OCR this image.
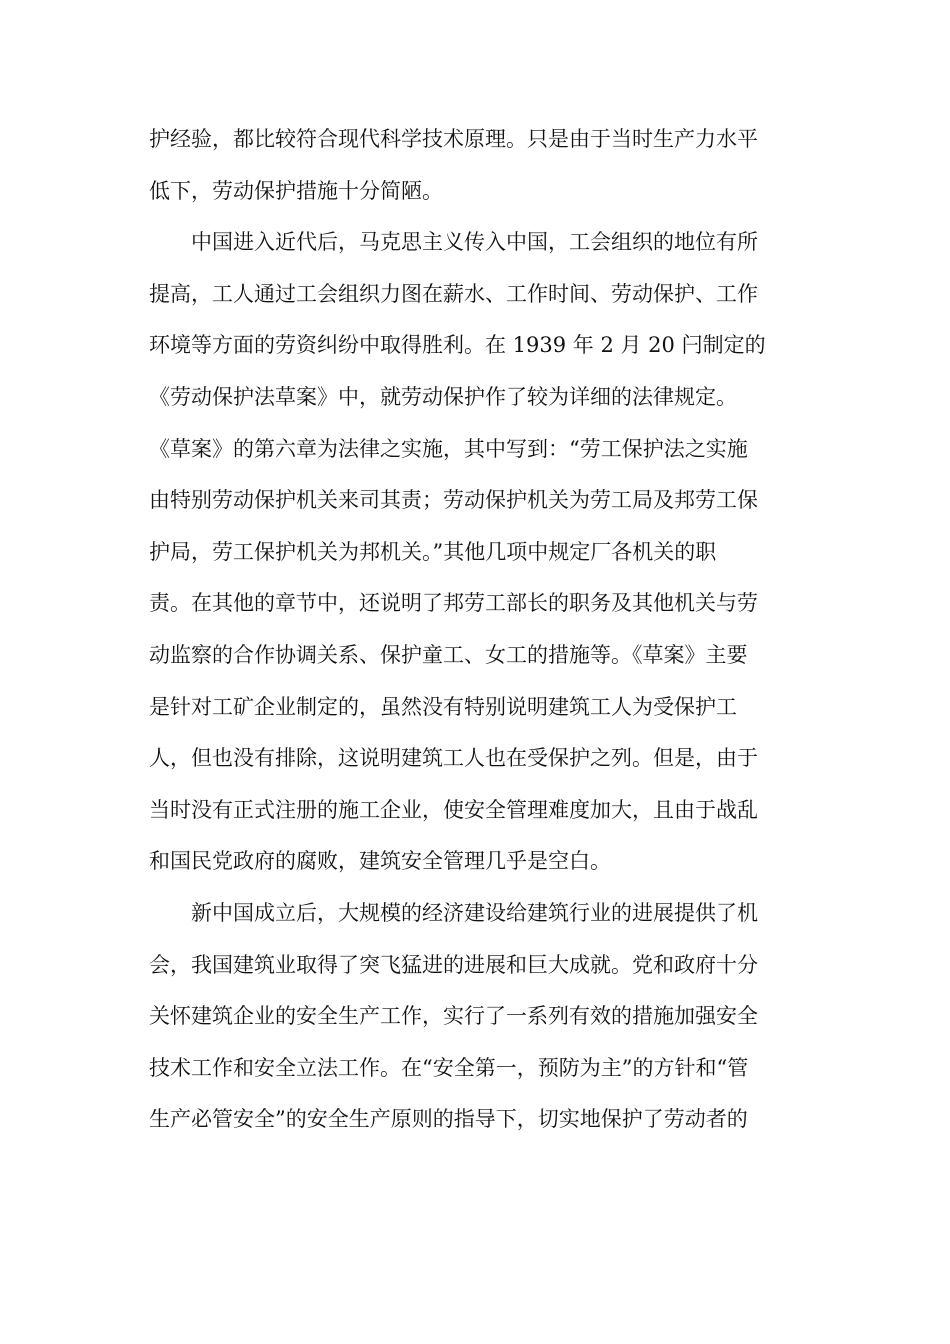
护经验，都比较符合现代科学技术原理。只是由于当时生产力水平
低下，劳动保护措施十分简陋。
中国进入近代后，马克思主义传入中国，工会组织的地位有所
提高，工人通过工会组织力图在薪水、工作时间、劳动保护、工作
环境等方面的劳资纠纷中取得胜利。在 1939 年 2 月 20 闩制定的
《劳动保护法草案》中，就劳动保护作了较为详细的法律规定。
《草案》的第六章为法律之实施，其中写到：“劳工保护法之实施
由特别劳动保护机关来司其责；劳动保护机关为劳工局及邦劳工保
护局，劳工保护机关为邦机关。”其他几项中规定厂各机关的职
责。在其他的章节中，还说明了邦劳工部长的职务及其他机关与劳
动监察的合作协调关系、保护童工、女工的措施等。《草案》主要
是针对工矿企业制定的，虽然没有特别说明建筑工人为受保护工
人，但也没有排除，这说明建筑工人也在受保护之列。但是，由于
当时没有正式注册的施工企业，使安全管理难度加大，且由于战乱
和国民党政府的腐败，建筑安全管理几乎是空白。
新中国成立后，大规模的经济建设给建筑行业的进展提供了机
会，我国建筑业取得了突飞猛进的进展和巨大成就。党和政府十分
关怀建筑企业的安全生产工作，实行了一系列有效的措施加强安全
技术工作和安全立法工作。在“安全第一，预防为主”的方针和“管
生产必管安全”的安全生产原则的指导下，切实地保护了劳动者的
